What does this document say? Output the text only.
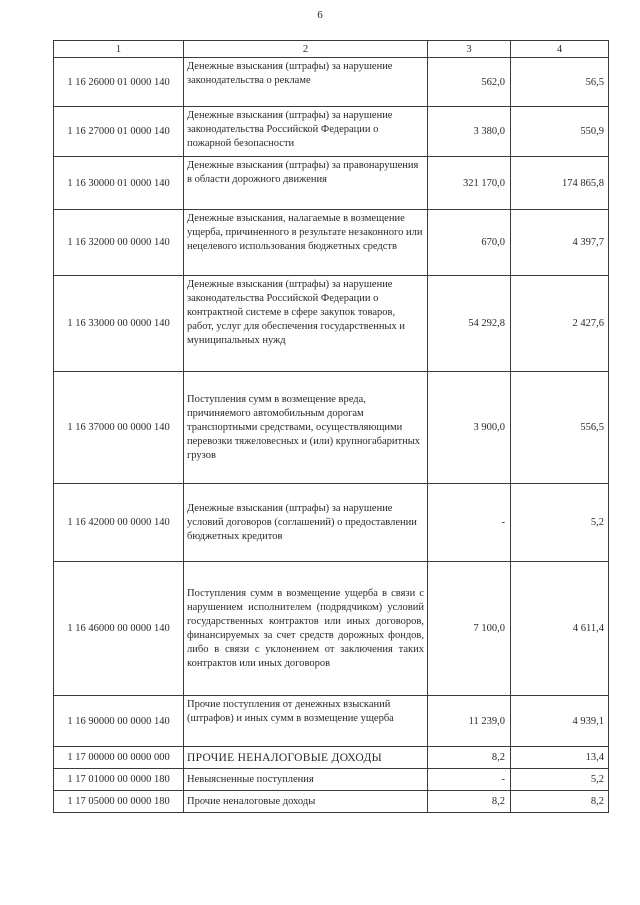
6
1	2	3	4
1 16 26000 01 0000 140	Денежные взыскания (штрафы) за нарушение законодательства о рекламе	562,0	56,5
1 16 27000 01 0000 140	Денежные взыскания (штрафы) за нарушение законодательства Российской Федерации о пожарной безопасности	3 380,0	550,9
1 16 30000 01 0000 140	Денежные взыскания (штрафы) за правонарушения в области дорожного движения	321 170,0	174 865,8
1 16 32000 00 0000 140	Денежные взыскания, налагаемые в возмещение ущерба, причиненного в результате незаконного или нецелевого использования бюджетных средств	670,0	4 397,7
1 16 33000 00 0000 140	Денежные взыскания (штрафы) за нарушение законодательства Российской Федерации о контрактной системе в сфере закупок товаров, работ, услуг для обеспечения государственных и муниципальных нужд	54 292,8	2 427,6
1 16 37000 00 0000 140	Поступления сумм в возмещение вреда, причиняемого автомобильным дорогам транспортными средствами, осуществляющими перевозки тяжеловесных и (или) крупногабаритных грузов	3 900,0	556,5
1 16 42000 00 0000 140	Денежные взыскания (штрафы) за нарушение условий договоров (соглашений) о предоставлении бюджетных кредитов	-	5,2
1 16 46000 00 0000 140	Поступления сумм в возмещение ущерба в связи с нарушением исполнителем (подрядчиком) условий государственных контрактов или иных договоров, финансируемых за счет средств дорожных фондов, либо в связи с уклонением от заключения таких контрактов или иных договоров	7 100,0	4 611,4
1 16 90000 00 0000 140	Прочие поступления от денежных взысканий (штрафов) и иных сумм в возмещение ущерба	11 239,0	4 939,1
1 17 00000 00 0000 000	ПРОЧИЕ НЕНАЛОГОВЫЕ ДОХОДЫ	8,2	13,4
1 17 01000 00 0000 180	Невыясненные поступления	-	5,2
1 17 05000 00 0000 180	Прочие неналоговые доходы	8,2	8,2
